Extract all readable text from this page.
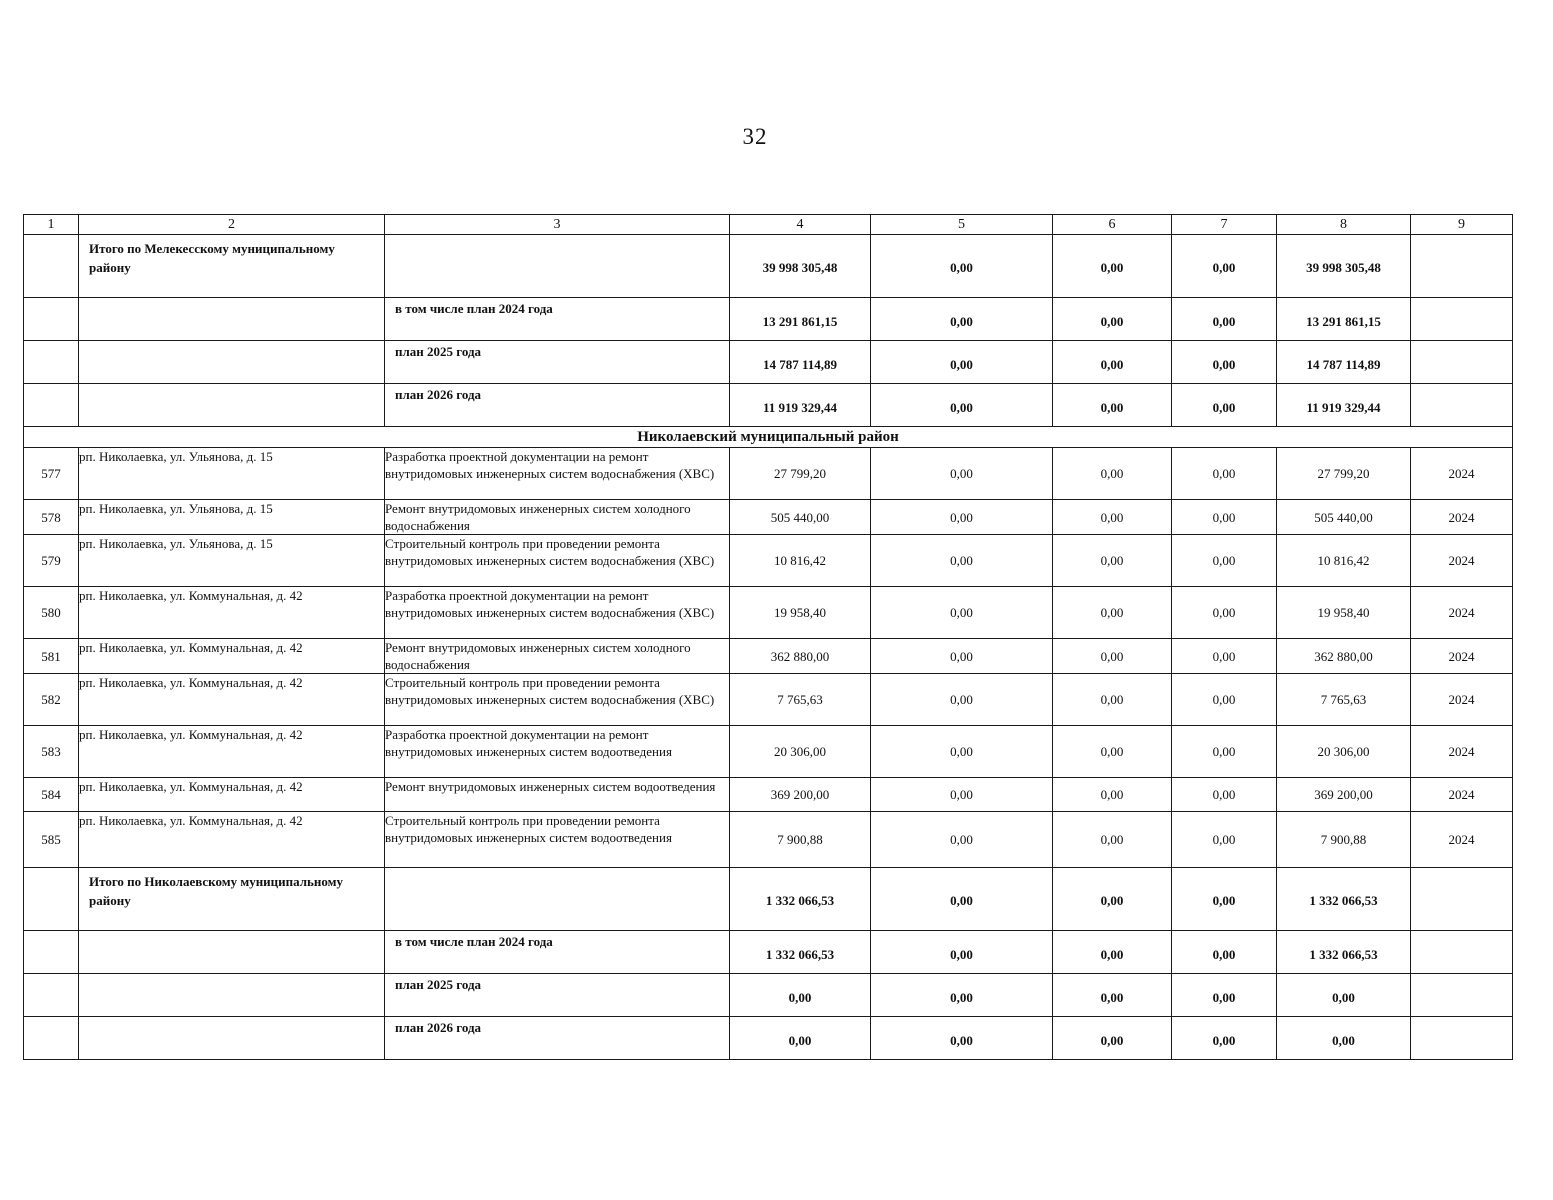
32
1	2	3	4	5	6	7	8	9
	Итого по Мелекесскому муниципальному району		39 998 305,48	0,00	0,00	0,00	39 998 305,48	
		в том числе план 2024 года	13 291 861,15	0,00	0,00	0,00	13 291 861,15	
		план 2025 года	14 787 114,89	0,00	0,00	0,00	14 787 114,89	
		план 2026 года	11 919 329,44	0,00	0,00	0,00	11 919 329,44	
Николаевский муниципальный район								
577	рп. Николаевка, ул. Ульянова, д. 15	Разработка проектной документации на ремонт внутридомовых инженерных систем водоснабжения (ХВС)	27 799,20	0,00	0,00	0,00	27 799,20	2024
578	рп. Николаевка, ул. Ульянова, д. 15	Ремонт внутридомовых инженерных систем холодного водоснабжения	505 440,00	0,00	0,00	0,00	505 440,00	2024
579	рп. Николаевка, ул. Ульянова, д. 15	Строительный контроль при проведении ремонта внутридомовых инженерных систем водоснабжения (ХВС)	10 816,42	0,00	0,00	0,00	10 816,42	2024
580	рп. Николаевка, ул. Коммунальная, д. 42	Разработка проектной документации на ремонт внутридомовых инженерных систем водоснабжения (ХВС)	19 958,40	0,00	0,00	0,00	19 958,40	2024
581	рп. Николаевка, ул. Коммунальная, д. 42	Ремонт внутридомовых инженерных систем холодного водоснабжения	362 880,00	0,00	0,00	0,00	362 880,00	2024
582	рп. Николаевка, ул. Коммунальная, д. 42	Строительный контроль при проведении ремонта внутридомовых инженерных систем водоснабжения (ХВС)	7 765,63	0,00	0,00	0,00	7 765,63	2024
583	рп. Николаевка, ул. Коммунальная, д. 42	Разработка проектной документации на ремонт внутридомовых инженерных систем водоотведения	20 306,00	0,00	0,00	0,00	20 306,00	2024
584	рп. Николаевка, ул. Коммунальная, д. 42	Ремонт внутридомовых инженерных систем водоотведения	369 200,00	0,00	0,00	0,00	369 200,00	2024
585	рп. Николаевка, ул. Коммунальная, д. 42	Строительный контроль при проведении ремонта внутридомовых инженерных систем водоотведения	7 900,88	0,00	0,00	0,00	7 900,88	2024
	Итого по Николаевскому муниципальному району		1 332 066,53	0,00	0,00	0,00	1 332 066,53	
		в том числе план 2024 года	1 332 066,53	0,00	0,00	0,00	1 332 066,53	
		план 2025 года	0,00	0,00	0,00	0,00	0,00	
		план 2026 года	0,00	0,00	0,00	0,00	0,00	
